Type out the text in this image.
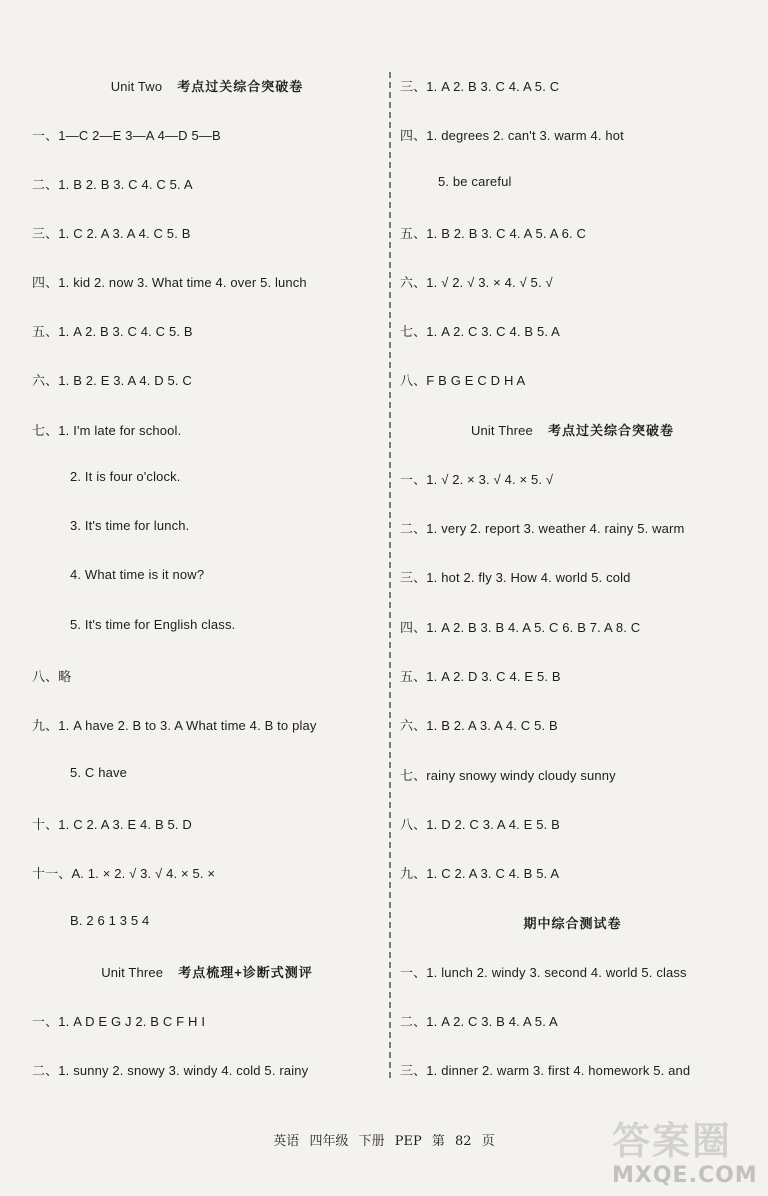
Unit Two 考点过关综合突破卷
一、1—C 2—E 3—A 4—D 5—B
二、1. B 2. B 3. C 4. C 5. A
三、1. C 2. A 3. A 4. C 5. B
四、1. kid 2. now 3. What time 4. over 5. lunch
五、1. A 2. B 3. C 4. C 5. B
六、1. B 2. E 3. A 4. D 5. C
七、1. I'm late for school.
2. It is four o'clock.
3. It's time for lunch.
4. What time is it now?
5. It's time for English class.
八、略
九、1. A have 2. B to 3. A What time 4. B to play
5. C have
十、1. C 2. A 3. E 4. B 5. D
十一、A. 1. × 2. √ 3. √ 4. × 5. ×
B. 2 6 1 3 5 4
Unit Three 考点梳理+诊断式测评
一、1. A D E G J 2. B C F H I
二、1. sunny 2. snowy 3. windy 4. cold 5. rainy
三、1. A 2. B 3. C 4. A 5. C
四、1. degrees 2. can't 3. warm 4. hot
5. be careful
五、1. B 2. B 3. C 4. A 5. A 6. C
六、1. √ 2. √ 3. × 4. √ 5. √
七、1. A 2. C 3. C 4. B 5. A
八、F B G E C D H A
Unit Three 考点过关综合突破卷
一、1. √ 2. × 3. √ 4. × 5. √
二、1. very 2. report 3. weather 4. rainy 5. warm
三、1. hot 2. fly 3. How 4. world 5. cold
四、1. A 2. B 3. B 4. A 5. C 6. B 7. A 8. C
五、1. A 2. D 3. C 4. E 5. B
六、1. B 2. A 3. A 4. C 5. B
七、rainy snowy windy cloudy sunny
八、1. D 2. C 3. A 4. E 5. B
九、1. C 2. A 3. C 4. B 5. A
期中综合测试卷
一、1. lunch 2. windy 3. second 4. world 5. class
二、1. A 2. C 3. B 4. A 5. A
三、1. dinner 2. warm 3. first 4. homework 5. and
英语 四年级 下册 PEP 第 82 页	答案圈
MXQE.COM
